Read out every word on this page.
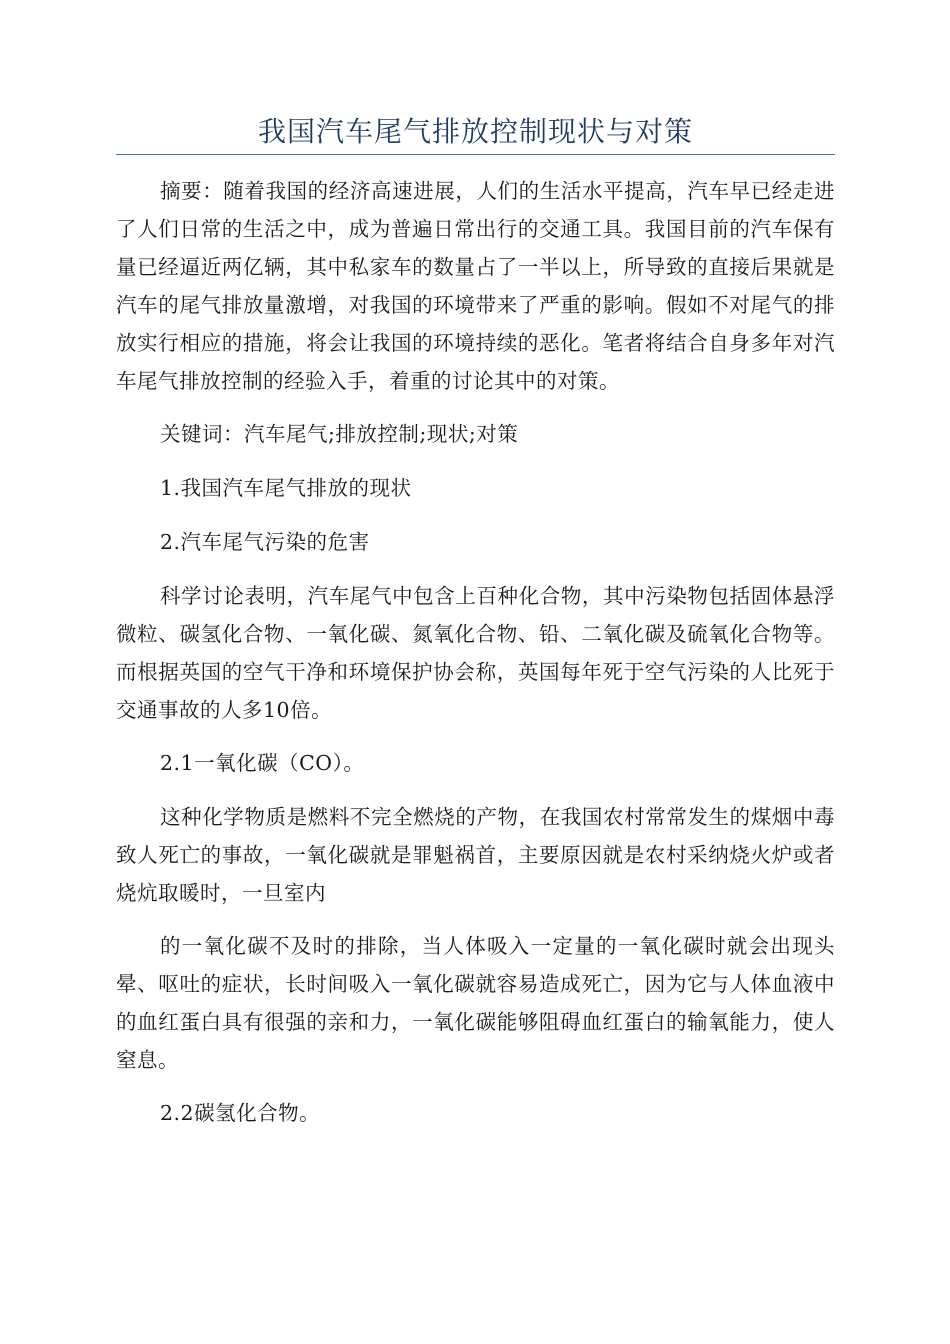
我国汽车尾气排放控制现状与对策

摘要：随着我国的经济高速进展，人们的生活水平提高，汽车早已经走进了人们日常的生活之中，成为普遍日常出行的交通工具。我国目前的汽车保有量已经逼近两亿辆，其中私家车的数量占了一半以上，所导致的直接后果就是汽车的尾气排放量激增，对我国的环境带来了严重的影响。假如不对尾气的排放实行相应的措施，将会让我国的环境持续的恶化。笔者将结合自身多年对汽车尾气排放控制的经验入手，着重的讨论其中的对策。

关键词：汽车尾气;排放控制;现状;对策

1.我国汽车尾气排放的现状

2.汽车尾气污染的危害

科学讨论表明，汽车尾气中包含上百种化合物，其中污染物包括固体悬浮微粒、碳氢化合物、一氧化碳、氮氧化合物、铅、二氧化碳及硫氧化合物等。而根据英国的空气干净和环境保护协会称，英国每年死于空气污染的人比死于交通事故的人多10倍。

2.1一氧化碳（CO）。

这种化学物质是燃料不完全燃烧的产物，在我国农村常常发生的煤烟中毒致人死亡的事故，一氧化碳就是罪魁祸首，主要原因就是农村采纳烧火炉或者烧炕取暖时，一旦室内

的一氧化碳不及时的排除，当人体吸入一定量的一氧化碳时就会出现头晕、呕吐的症状，长时间吸入一氧化碳就容易造成死亡，因为它与人体血液中的血红蛋白具有很强的亲和力，一氧化碳能够阻碍血红蛋白的输氧能力，使人窒息。

2.2碳氢化合物。
